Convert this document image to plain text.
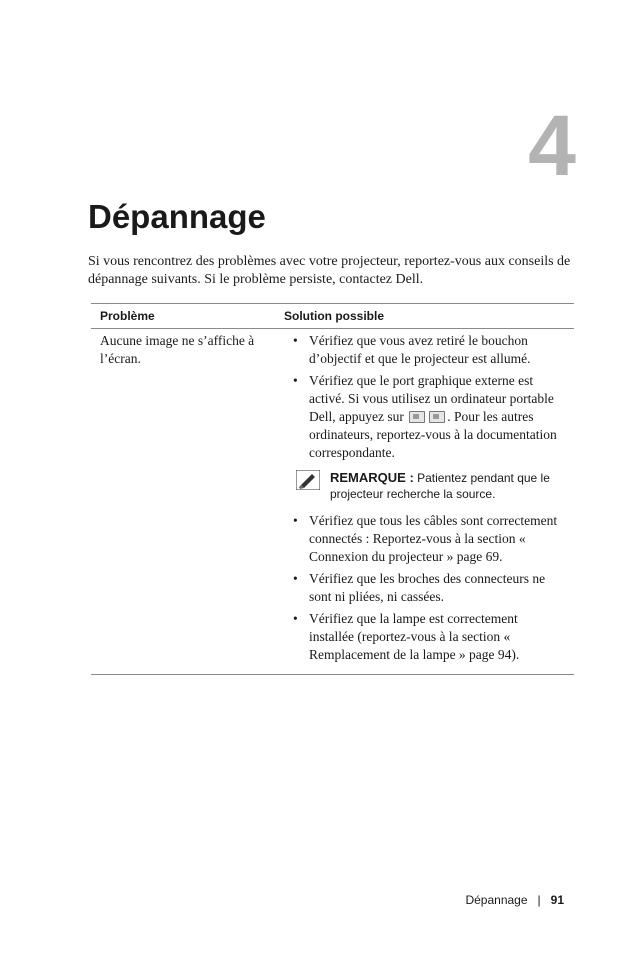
4
Dépannage

Si vous rencontrez des problèmes avec votre projecteur, reportez-vous aux conseils de dépannage suivants. Si le problème persiste, contactez Dell.

Problème	Solution possible
Aucune image ne s’affiche à l’écran.
• Vérifiez que vous avez retiré le bouchon d’objectif et que le projecteur est allumé.
• Vérifiez que le port graphique externe est activé. Si vous utilisez un ordinateur portable Dell, appuyez sur	. Pour les autres ordinateurs, reportez-vous à la documentation correspondante.
REMARQUE : Patientez pendant que le projecteur recherche la source.
• Vérifiez que tous les câbles sont correctement connectés : Reportez-vous à la section « Connexion du projecteur » page 69.
• Vérifiez que les broches des connecteurs ne sont ni pliées, ni cassées.
• Vérifiez que la lampe est correctement installée (reportez-vous à la section « Remplacement de la lampe » page 94).
Dépannage | 91
